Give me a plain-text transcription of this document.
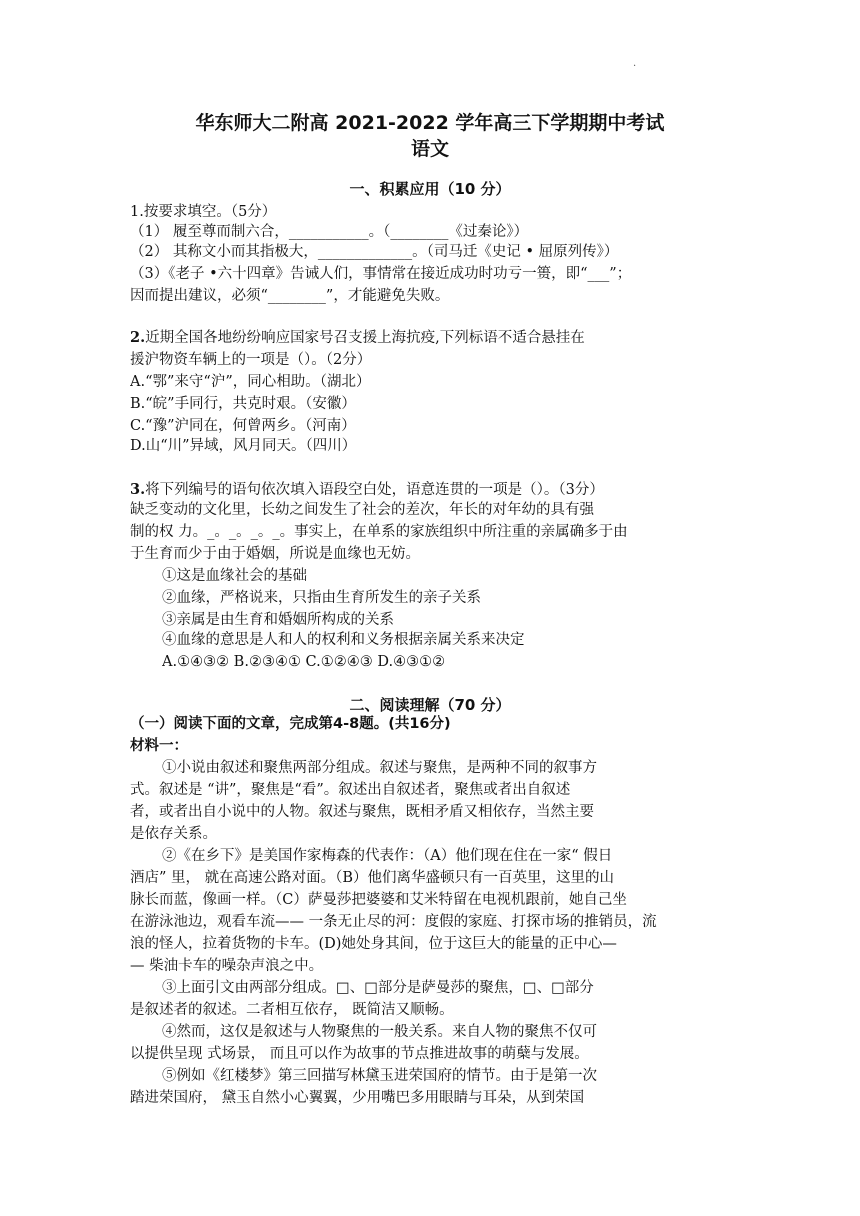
.
华东师大二附高 2021-2022 学年高三下学期期中考试
语文
一、积累应用（10 分）
1.按要求填空。（5分）
（1） 履至尊而制六合，___________。（________《过秦论》）
（2） 其称文小而其指极大，_____________。（司马迁《史记 • 屈原列传》）
（3）《老子 •六十四章》告诫人们，事情常在接近成功时功亏一篑，即“___”；
因而提出建议，必须“________”，才能避免失败。
2.近期全国各地纷纷响应国家号召支援上海抗疫,下列标语不适合悬挂在
援沪物资车辆上的一项是（）。（2分）
A.“鄂”来守“沪”，同心相助。（湖北）
B.“皖”手同行，共克时艰。（安徽）
C.“豫”沪同在，何曾两乡。（河南）
D.山“川”异域，风月同天。（四川）
3.将下列编号的语句依次填入语段空白处，语意连贯的一项是（）。（3分）
缺乏变动的文化里，长幼之间发生了社会的差次，年长的对年幼的具有强
制的权 力。_。_。_。_。事实上，在单系的家族组织中所注重的亲属确多于由
于生育而少于由于婚姻，所说是血缘也无妨。
①这是血缘社会的基础
②血缘，严格说来，只指由生育所发生的亲子关系
③亲属是由生育和婚姻所构成的关系
④血缘的意思是人和人的权利和义务根据亲属关系来决定
A.①④③② B.②③④① C.①②④③ D.④③①②
二、阅读理解（70 分）
（一）阅读下面的文章，完成第4-8题。(共16分)
材料一：
①小说由叙述和聚焦两部分组成。叙述与聚焦，是两种不同的叙事方
式。叙述是 “讲”，聚焦是“看”。叙述出自叙述者，聚焦或者出自叙述
者，或者出自小说中的人物。叙述与聚焦，既相矛盾又相依存，当然主要
是依存关系。
②《在乡下》是美国作家梅森的代表作：（A）他们现在住在一家“ 假日
酒店” 里， 就在高速公路对面。（B）他们离华盛顿只有一百英里，这里的山
脉长而蓝，像画一样。（C）萨曼莎把婆婆和艾米特留在电视机跟前，她自己坐
在游泳池边，观看车流—— 一条无止尽的河：度假的家庭、打探市场的推销员，流
浪的怪人，拉着货物的卡车。(D)她处身其间，位于这巨大的能量的正中心—
— 柴油卡车的噪杂声浪之中。
③上面引文由两部分组成。□、□部分是萨曼莎的聚焦，□、□部分
是叙述者的叙述。二者相互依存， 既简洁又顺畅。
④然而，这仅是叙述与人物聚焦的一般关系。来自人物的聚焦不仅可
以提供呈现 式场景， 而且可以作为故事的节点推进故事的萌蘖与发展。
⑤例如《红楼梦》第三回描写林黛玉进荣国府的情节。由于是第一次
踏进荣国府， 黛玉自然小心翼翼，少用嘴巴多用眼睛与耳朵，从到荣国
